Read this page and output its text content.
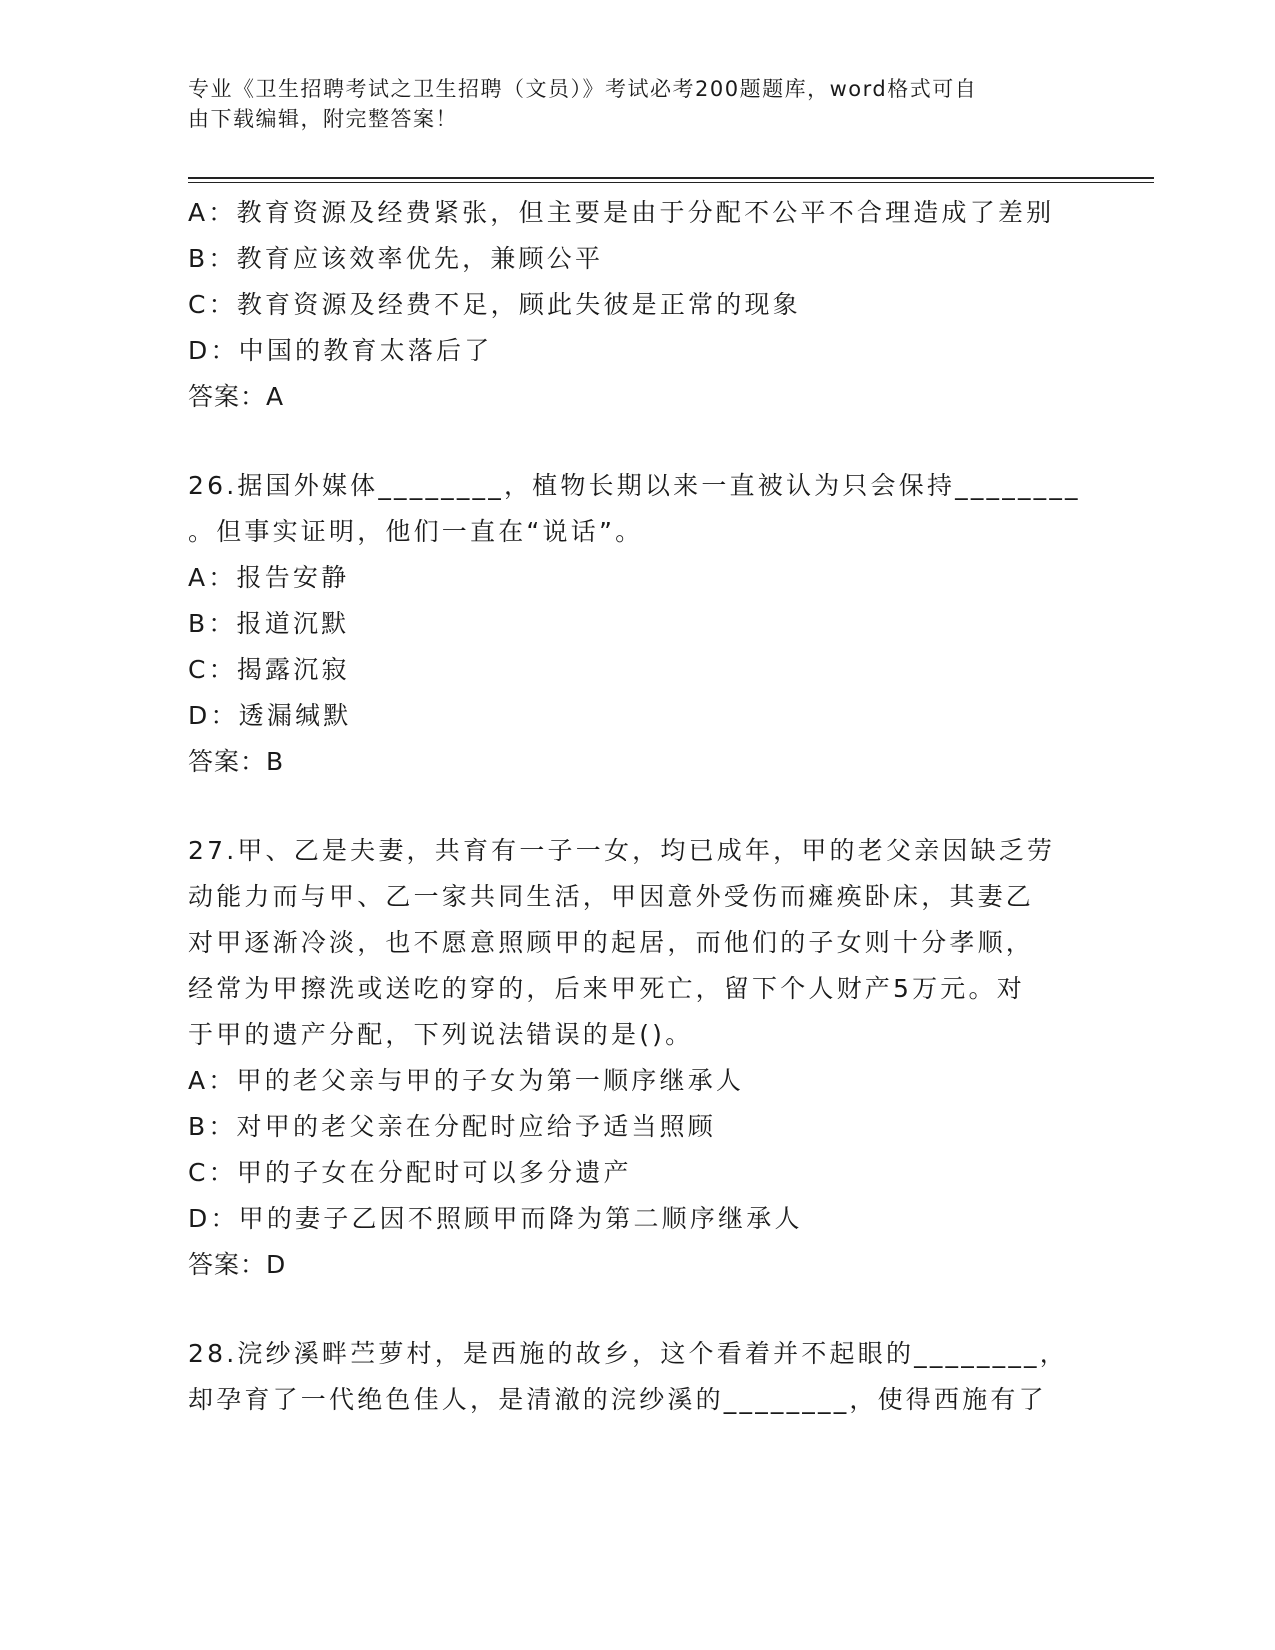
专业《卫生招聘考试之卫生招聘（文员）》考试必考200题题库，word格式可自
由下载编辑，附完整答案！
A：教育资源及经费紧张，但主要是由于分配不公平不合理造成了差别
B：教育应该效率优先，兼顾公平
C：教育资源及经费不足，顾此失彼是正常的现象
D：中国的教育太落后了
答案：A
26.据国外媒体________，植物长期以来一直被认为只会保持________
。但事实证明，他们一直在“说话”。
A：报告安静
B：报道沉默
C：揭露沉寂
D：透漏缄默
答案：B
27.甲、乙是夫妻，共育有一子一女，均已成年，甲的老父亲因缺乏劳
动能力而与甲、乙一家共同生活，甲因意外受伤而瘫痪卧床，其妻乙
对甲逐渐冷淡，也不愿意照顾甲的起居，而他们的子女则十分孝顺，
经常为甲擦洗或送吃的穿的，后来甲死亡，留下个人财产5万元。对
于甲的遗产分配，下列说法错误的是()。
A：甲的老父亲与甲的子女为第一顺序继承人
B：对甲的老父亲在分配时应给予适当照顾
C：甲的子女在分配时可以多分遗产
D：甲的妻子乙因不照顾甲而降为第二顺序继承人
答案：D
28.浣纱溪畔苎萝村，是西施的故乡，这个看着并不起眼的________，
却孕育了一代绝色佳人，是清澈的浣纱溪的________，使得西施有了
